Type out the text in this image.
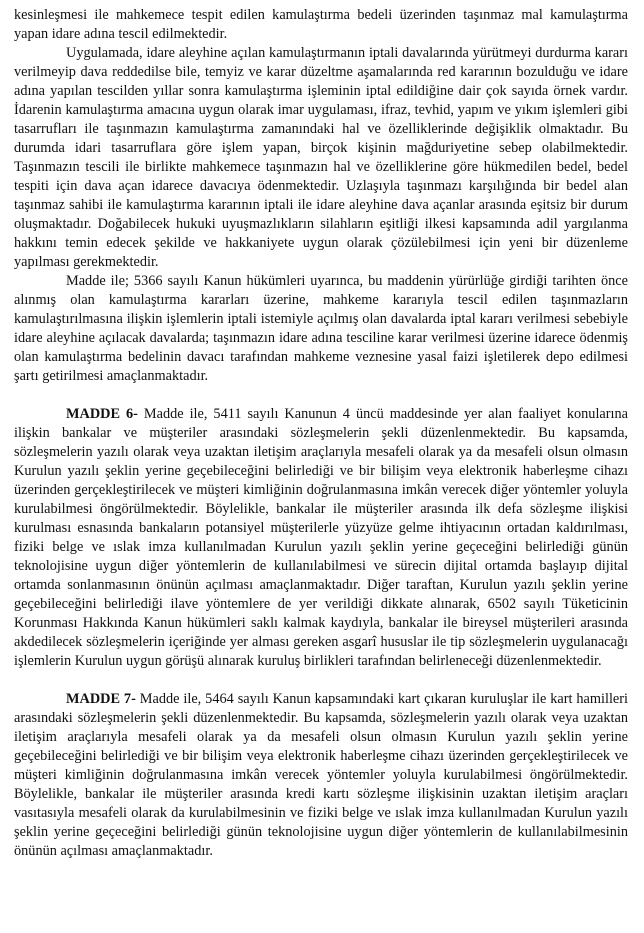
kesinleşmesi ile mahkemece tespit edilen kamulaştırma bedeli üzerinden taşınmaz mal kamulaştırma yapan idare adına tescil edilmektedir.

Uygulamada, idare aleyhine açılan kamulaştırmanın iptali davalarında yürütmeyi durdurma kararı verilmeyip dava reddedilse bile, temyiz ve karar düzeltme aşamalarında red kararının bozulduğu ve idare adına yapılan tescilden yıllar sonra kamulaştırma işleminin iptal edildiğine dair çok sayıda örnek vardır. İdarenin kamulaştırma amacına uygun olarak imar uygulaması, ifraz, tevhid, yapım ve yıkım işlemleri gibi tasarrufları ile taşınmazın kamulaştırma zamanındaki hal ve özelliklerinde değişiklik olmaktadır. Bu durumda idari tasarruflara göre işlem yapan, birçok kişinin mağduriyetine sebep olabilmektedir. Taşınmazın tescili ile birlikte mahkemece taşınmazın hal ve özelliklerine göre hükmedilen bedel, bedel tespiti için dava açan idarece davacıya ödenmektedir. Uzlaşıyla taşınmazı karşılığında bir bedel alan taşınmaz sahibi ile kamulaştırma kararının iptali ile idare aleyhine dava açanlar arasında eşitsiz bir durum oluşmaktadır. Doğabilecek hukuki uyuşmazlıkların silahların eşitliği ilkesi kapsamında adil yargılanma hakkını temin edecek şekilde ve hakkaniyete uygun olarak çözülebilmesi için yeni bir düzenleme yapılması gerekmektedir.

Madde ile; 5366 sayılı Kanun hükümleri uyarınca, bu maddenin yürürlüğe girdiği tarihten önce alınmış olan kamulaştırma kararları üzerine, mahkeme kararıyla tescil edilen taşınmazların kamulaştırılmasına ilişkin işlemlerin iptali istemiyle açılmış olan davalarda iptal kararı verilmesi sebebiyle idare aleyhine açılacak davalarda; taşınmazın idare adına tesciline karar verilmesi üzerine idarece ödenmiş olan kamulaştırma bedelinin davacı tarafından mahkeme veznesine yasal faizi işletilerek depo edilmesi şartı getirilmesi amaçlanmaktadır.

MADDE 6- Madde ile, 5411 sayılı Kanunun 4 üncü maddesinde yer alan faaliyet konularına ilişkin bankalar ve müşteriler arasındaki sözleşmelerin şekli düzenlenmektedir. Bu kapsamda, sözleşmelerin yazılı olarak veya uzaktan iletişim araçlarıyla mesafeli olarak ya da mesafeli olsun olmasın Kurulun yazılı şeklin yerine geçebileceğini belirlediği ve bir bilişim veya elektronik haberleşme cihazı üzerinden gerçekleştirilecek ve müşteri kimliğinin doğrulanmasına imkân verecek diğer yöntemler yoluyla kurulabilmesi öngörülmektedir. Böylelikle, bankalar ile müşteriler arasında ilk defa sözleşme ilişkisi kurulması esnasında bankaların potansiyel müşterilerle yüzyüze gelme ihtiyacının ortadan kaldırılması, fiziki belge ve ıslak imza kullanılmadan Kurulun yazılı şeklin yerine geçeceğini belirlediği günün teknolojisine uygun diğer yöntemlerin de kullanılabilmesi ve sürecin dijital ortamda başlayıp dijital ortamda sonlanmasının önünün açılması amaçlanmaktadır. Diğer taraftan, Kurulun yazılı şeklin yerine geçebileceğini belirlediği ilave yöntemlere de yer verildiği dikkate alınarak, 6502 sayılı Tüketicinin Korunması Hakkında Kanun hükümleri saklı kalmak kaydıyla, bankalar ile bireysel müşterileri arasında akdedilecek sözleşmelerin içeriğinde yer alması gereken asgarî hususlar ile tip sözleşmelerin uygulanacağı işlemlerin Kurulun uygun görüşü alınarak kuruluş birlikleri tarafından belirleneceği düzenlenmektedir.

MADDE 7- Madde ile, 5464 sayılı Kanun kapsamındaki kart çıkaran kuruluşlar ile kart hamilleri arasındaki sözleşmelerin şekli düzenlenmektedir. Bu kapsamda, sözleşmelerin yazılı olarak veya uzaktan iletişim araçlarıyla mesafeli olarak ya da mesafeli olsun olmasın Kurulun yazılı şeklin yerine geçebileceğini belirlediği ve bir bilişim veya elektronik haberleşme cihazı üzerinden gerçekleştirilecek ve müşteri kimliğinin doğrulanmasına imkân verecek yöntemler yoluyla kurulabilmesi öngörülmektedir. Böylelikle, bankalar ile müşteriler arasında kredi kartı sözleşme ilişkisinin uzaktan iletişim araçları vasıtasıyla mesafeli olarak da kurulabilmesinin ve fiziki belge ve ıslak imza kullanılmadan Kurulun yazılı şeklin yerine geçeceğini belirlediği günün teknolojisine uygun diğer yöntemlerin de kullanılabilmesinin önünün açılması amaçlanmaktadır.
